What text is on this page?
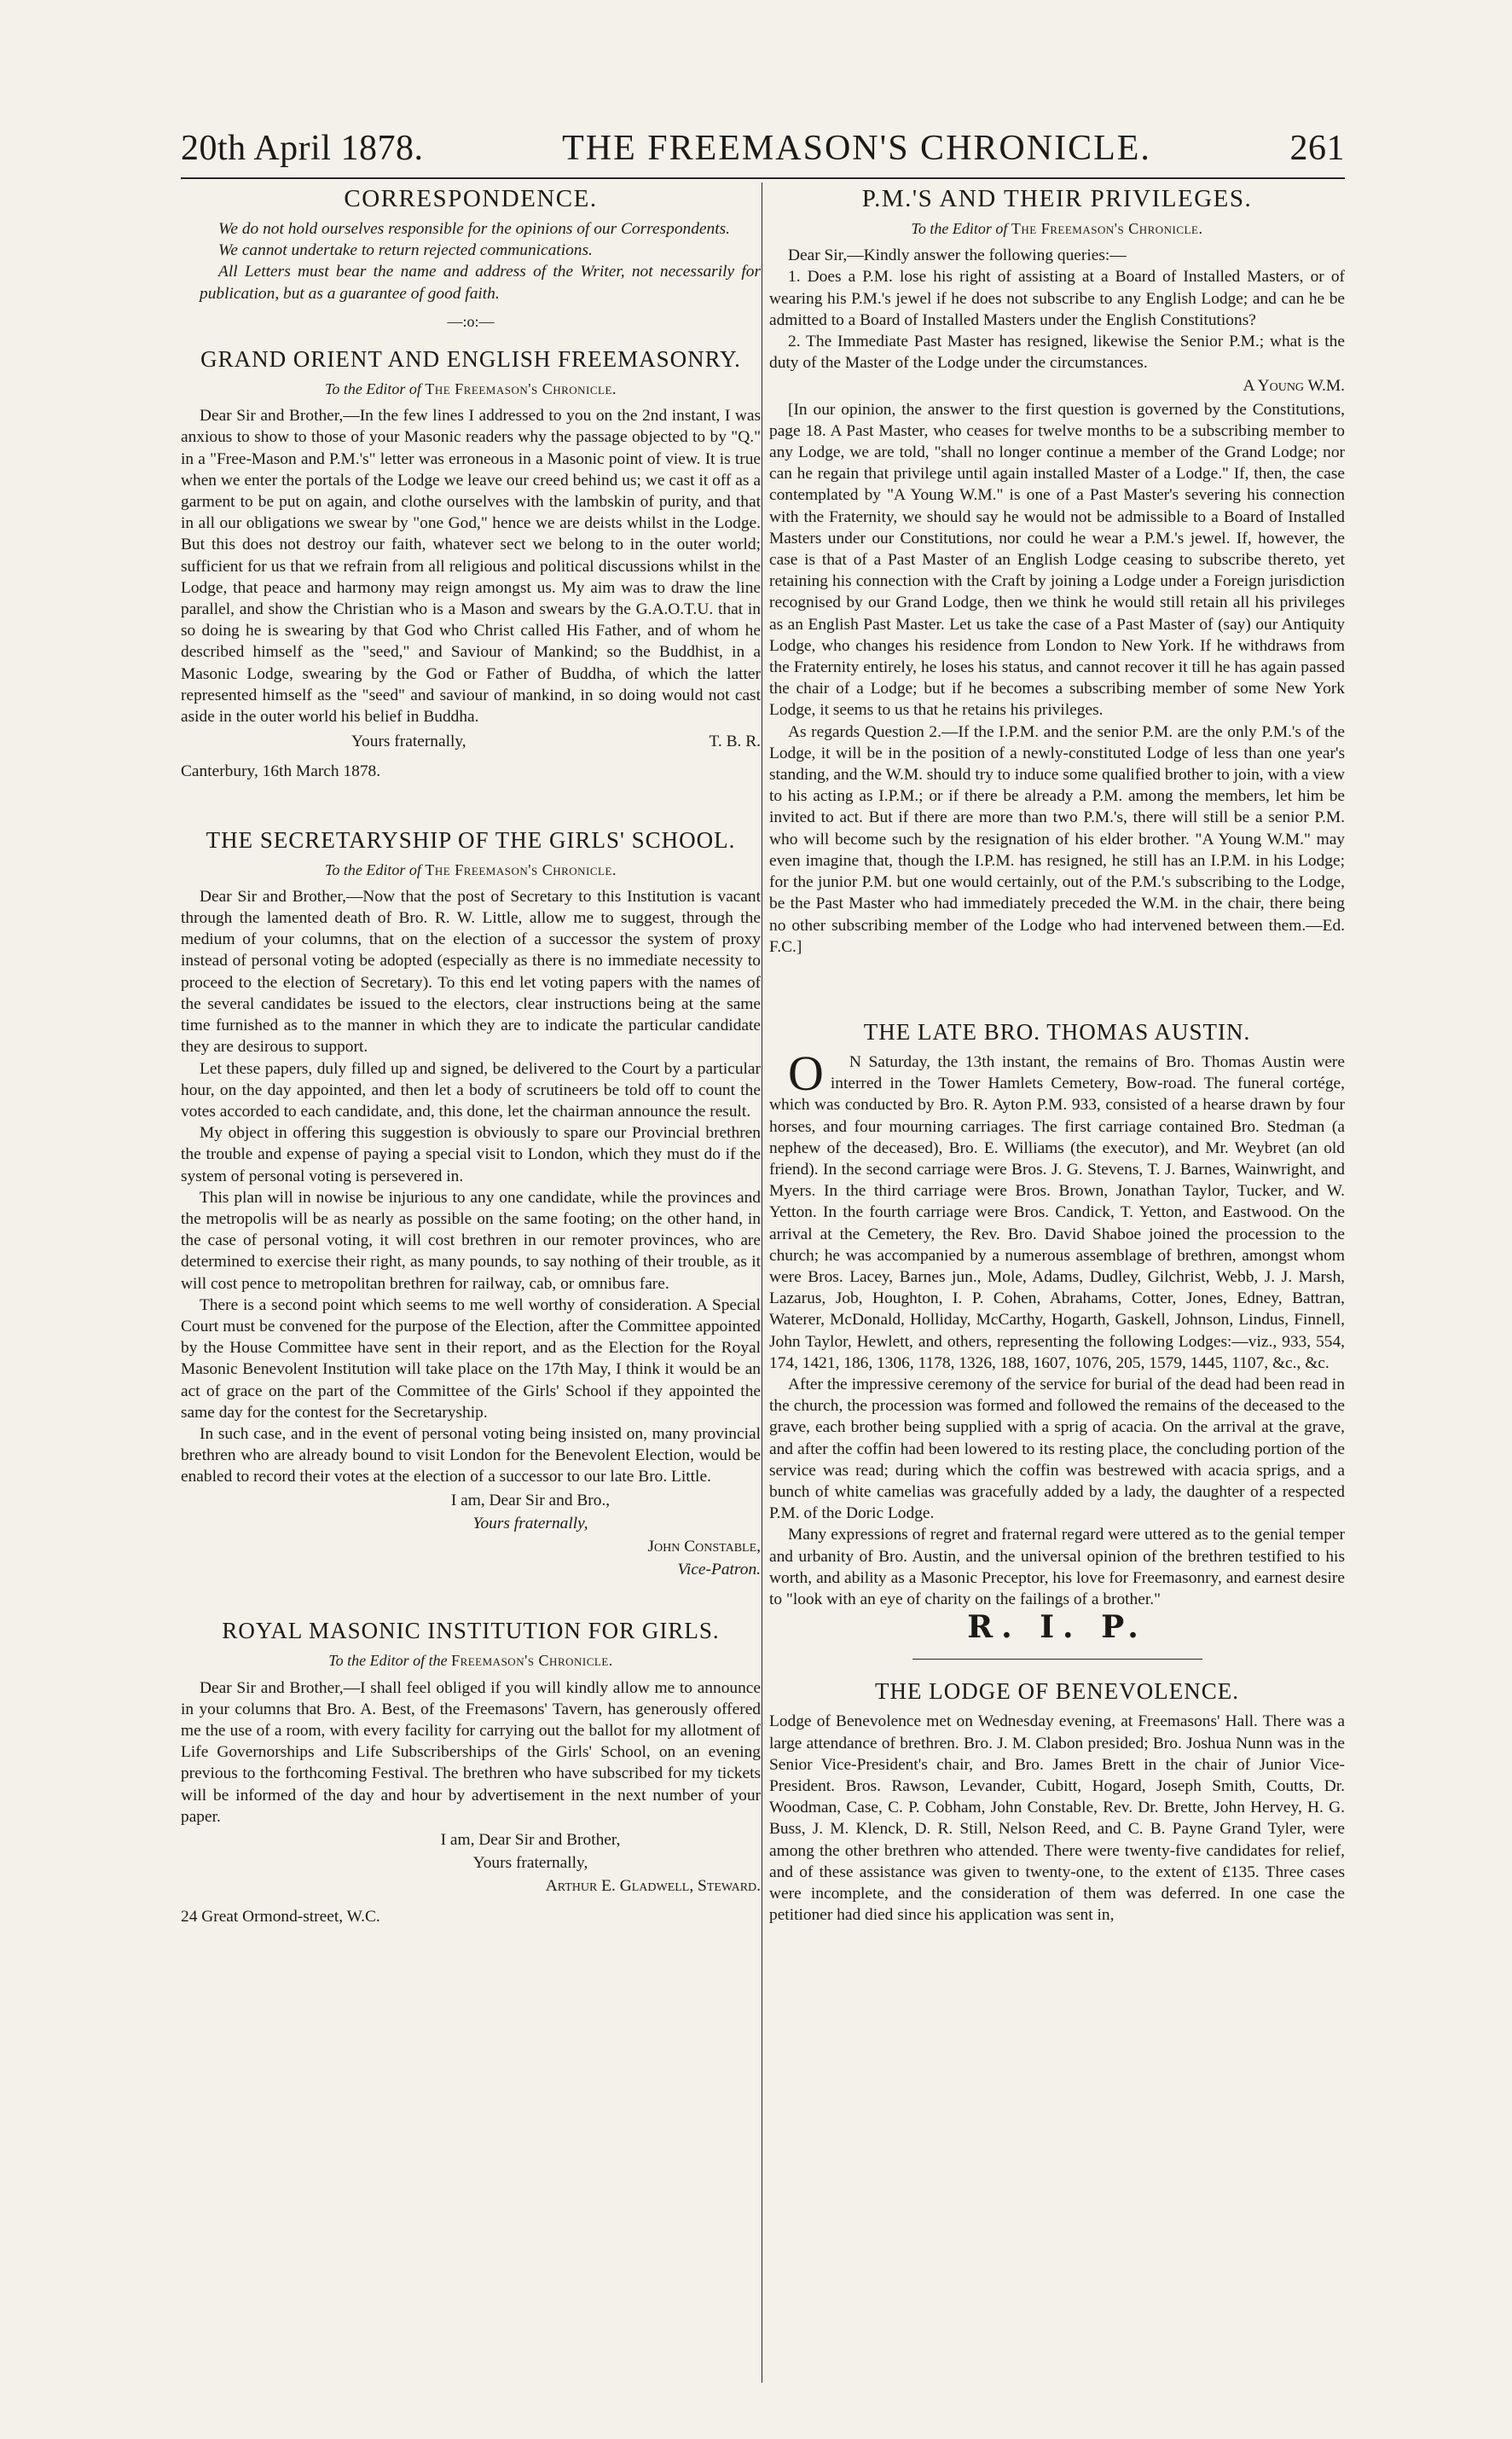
20th April 1878.	THE FREEMASON'S CHRONICLE.	261
CORRESPONDENCE.

We do not hold ourselves responsible for the opinions of our Correspondents.

We cannot undertake to return rejected communications.

All Letters must bear the name and address of the Writer, not necessarily for publication, but as a guarantee of good faith.

—:o:—
GRAND ORIENT AND ENGLISH FREEMASONRY.
To the Editor of The Freemason's Chronicle.

Dear Sir and Brother,—In the few lines I addressed to you on the 2nd instant, I was anxious to show to those of your Masonic readers why the passage objected to by "Q." in a "Free-Mason and P.M.'s" letter was erroneous in a Masonic point of view. It is true when we enter the portals of the Lodge we leave our creed behind us; we cast it off as a garment to be put on again, and clothe ourselves with the lambskin of purity, and that in all our obligations we swear by "one God," hence we are deists whilst in the Lodge. But this does not destroy our faith, whatever sect we belong to in the outer world; sufficient for us that we refrain from all religious and political discussions whilst in the Lodge, that peace and harmony may reign amongst us. My aim was to draw the line parallel, and show the Christian who is a Mason and swears by the G.A.O.T.U. that in so doing he is swearing by that God who Christ called His Father, and of whom he described himself as the "seed," and Saviour of Mankind; so the Buddhist, in a Masonic Lodge, swearing by the God or Father of Buddha, of which the latter represented himself as the "seed" and saviour of mankind, in so doing would not cast aside in the outer world his belief in Buddha.

Yours fraternally,	T. B. R.
Canterbury, 16th March 1878.
THE SECRETARYSHIP OF THE GIRLS' SCHOOL.
To the Editor of The Freemason's Chronicle.

Dear Sir and Brother,—Now that the post of Secretary to this Institution is vacant through the lamented death of Bro. R. W. Little, allow me to suggest, through the medium of your columns, that on the election of a successor the system of proxy instead of personal voting be adopted (especially as there is no immediate necessity to proceed to the election of Secretary). To this end let voting papers with the names of the several candidates be issued to the electors, clear instructions being at the same time furnished as to the manner in which they are to indicate the particular candidate they are desirous to support.

Let these papers, duly filled up and signed, be delivered to the Court by a particular hour, on the day appointed, and then let a body of scrutineers be told off to count the votes accorded to each candidate, and, this done, let the chairman announce the result.

My object in offering this suggestion is obviously to spare our Provincial brethren the trouble and expense of paying a special visit to London, which they must do if the system of personal voting is persevered in.

This plan will in nowise be injurious to any one candidate, while the provinces and the metropolis will be as nearly as possible on the same footing; on the other hand, in the case of personal voting, it will cost brethren in our remoter provinces, who are determined to exercise their right, as many pounds, to say nothing of their trouble, as it will cost pence to metropolitan brethren for railway, cab, or omnibus fare.

There is a second point which seems to me well worthy of consideration. A Special Court must be convened for the purpose of the Election, after the Committee appointed by the House Committee have sent in their report, and as the Election for the Royal Masonic Benevolent Institution will take place on the 17th May, I think it would be an act of grace on the part of the Committee of the Girls' School if they appointed the same day for the contest for the Secretaryship.

In such case, and in the event of personal voting being insisted on, many provincial brethren who are already bound to visit London for the Benevolent Election, would be enabled to record their votes at the election of a successor to our late Bro. Little.

I am, Dear Sir and Bro.,
Yours fraternally,
John Constable,
Vice-Patron.
ROYAL MASONIC INSTITUTION FOR GIRLS.
To the Editor of the Freemason's Chronicle.

Dear Sir and Brother,—I shall feel obliged if you will kindly allow me to announce in your columns that Bro. A. Best, of the Freemasons' Tavern, has generously offered me the use of a room, with every facility for carrying out the ballot for my allotment of Life Governorships and Life Subscriberships of the Girls' School, on an evening previous to the forthcoming Festival. The brethren who have subscribed for my tickets will be informed of the day and hour by advertisement in the next number of your paper.

I am, Dear Sir and Brother,
Yours fraternally,
Arthur E. Gladwell, Steward.
24 Great Ormond-street, W.C.
P.M.'S AND THEIR PRIVILEGES.
To the Editor of The Freemason's Chronicle.

Dear Sir,—Kindly answer the following queries:—

1. Does a P.M. lose his right of assisting at a Board of Installed Masters, or of wearing his P.M.'s jewel if he does not subscribe to any English Lodge; and can he be admitted to a Board of Installed Masters under the English Constitutions?

2. The Immediate Past Master has resigned, likewise the Senior P.M.; what is the duty of the Master of the Lodge under the circumstances.

A Young W.M.

[In our opinion, the answer to the first question is governed by the Constitutions, page 18. A Past Master, who ceases for twelve months to be a subscribing member to any Lodge, we are told, "shall no longer continue a member of the Grand Lodge; nor can he regain that privilege until again installed Master of a Lodge." If, then, the case contemplated by "A Young W.M." is one of a Past Master's severing his connection with the Fraternity, we should say he would not be admissible to a Board of Installed Masters under our Constitutions, nor could he wear a P.M.'s jewel. If, however, the case is that of a Past Master of an English Lodge ceasing to subscribe thereto, yet retaining his connection with the Craft by joining a Lodge under a Foreign jurisdiction recognised by our Grand Lodge, then we think he would still retain all his privileges as an English Past Master. Let us take the case of a Past Master of (say) our Antiquity Lodge, who changes his residence from London to New York. If he withdraws from the Fraternity entirely, he loses his status, and cannot recover it till he has again passed the chair of a Lodge; but if he becomes a subscribing member of some New York Lodge, it seems to us that he retains his privileges.

As regards Question 2.—If the I.P.M. and the senior P.M. are the only P.M.'s of the Lodge, it will be in the position of a newly-constituted Lodge of less than one year's standing, and the W.M. should try to induce some qualified brother to join, with a view to his acting as I.P.M.; or if there be already a P.M. among the members, let him be invited to act. But if there are more than two P.M.'s, there will still be a senior P.M. who will become such by the resignation of his elder brother. "A Young W.M." may even imagine that, though the I.P.M. has resigned, he still has an I.P.M. in his Lodge; for the junior P.M. but one would certainly, out of the P.M.'s subscribing to the Lodge, be the Past Master who had immediately preceded the W.M. in the chair, there being no other subscribing member of the Lodge who had intervened between them.—Ed. F.C.]

THE LATE BRO. THOMAS AUSTIN.

O N Saturday, the 13th instant, the remains of Bro. Thomas Austin were interred in the Tower Hamlets Cemetery, Bow-road. The funeral cortége, which was conducted by Bro. R. Ayton P.M. 933, consisted of a hearse drawn by four horses, and four mourning carriages. The first carriage contained Bro. Stedman (a nephew of the deceased), Bro. E. Williams (the executor), and Mr. Weybret (an old friend). In the second carriage were Bros. J. G. Stevens, T. J. Barnes, Wainwright, and Myers. In the third carriage were Bros. Brown, Jonathan Taylor, Tucker, and W. Yetton. In the fourth carriage were Bros. Candick, T. Yetton, and Eastwood. On the arrival at the Cemetery, the Rev. Bro. David Shaboe joined the procession to the church; he was accompanied by a numerous assemblage of brethren, amongst whom were Bros. Lacey, Barnes jun., Mole, Adams, Dudley, Gilchrist, Webb, J. J. Marsh, Lazarus, Job, Houghton, I. P. Cohen, Abrahams, Cotter, Jones, Edney, Battran, Waterer, McDonald, Holliday, McCarthy, Hogarth, Gaskell, Johnson, Lindus, Finnell, John Taylor, Hewlett, and others, representing the following Lodges:—viz., 933, 554, 174, 1421, 186, 1306, 1178, 1326, 188, 1607, 1076, 205, 1579, 1445, 1107, &c., &c.

After the impressive ceremony of the service for burial of the dead had been read in the church, the procession was formed and followed the remains of the deceased to the grave, each brother being supplied with a sprig of acacia. On the arrival at the grave, and after the coffin had been lowered to its resting place, the concluding portion of the service was read; during which the coffin was bestrewed with acacia sprigs, and a bunch of white camelias was gracefully added by a lady, the daughter of a respected P.M. of the Doric Lodge.

Many expressions of regret and fraternal regard were uttered as to the genial temper and urbanity of Bro. Austin, and the universal opinion of the brethren testified to his worth, and ability as a Masonic Preceptor, his love for Freemasonry, and earnest desire to "look with an eye of charity on the failings of a brother."

R. I. P.
THE LODGE OF BENEVOLENCE.

Lodge of Benevolence met on Wednesday evening, at Freemasons' Hall. There was a large attendance of brethren. Bro. J. M. Clabon presided; Bro. Joshua Nunn was in the Senior Vice-President's chair, and Bro. James Brett in the chair of Junior Vice-President. Bros. Rawson, Levander, Cubitt, Hogard, Joseph Smith, Coutts, Dr. Woodman, Case, C. P. Cobham, John Constable, Rev. Dr. Brette, John Hervey, H. G. Buss, J. M. Klenck, D. R. Still, Nelson Reed, and C. B. Payne Grand Tyler, were among the other brethren who attended. There were twenty-five candidates for relief, and of these assistance was given to twenty-one, to the extent of £135. Three cases were incomplete, and the consideration of them was deferred. In one case the petitioner had died since his application was sent in,
